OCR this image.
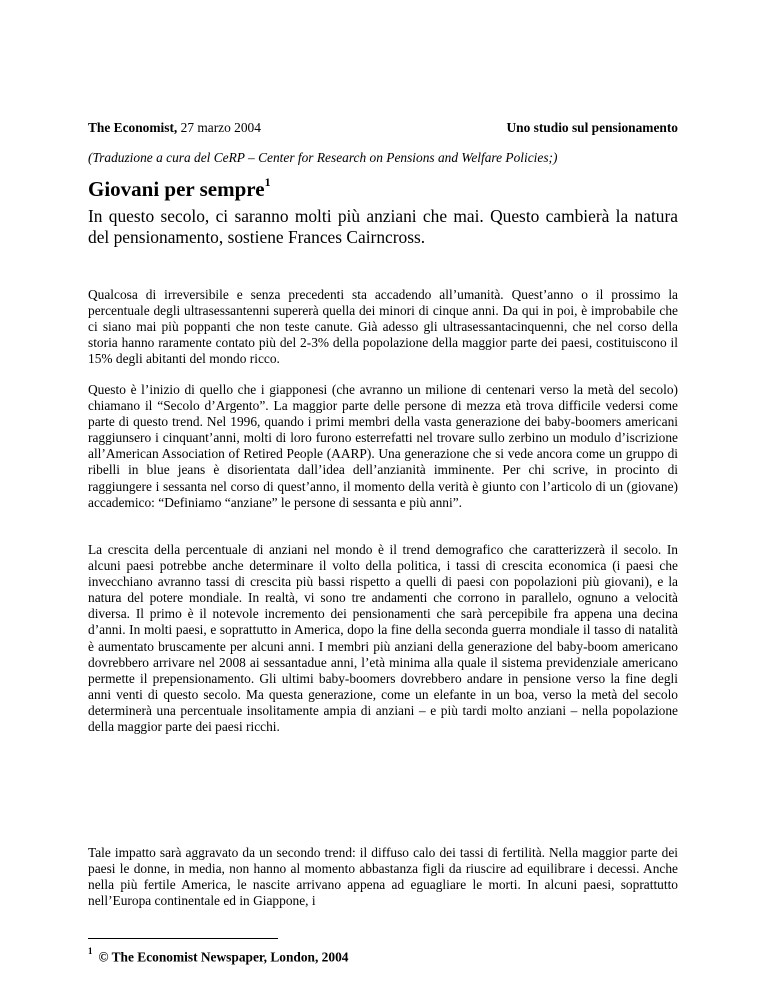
The Economist, 27 marzo 2004	Uno studio sul pensionamento
(Traduzione a cura del CeRP – Center for Research on Pensions and Welfare Policies;)
Giovani per sempre$^1$

In questo secolo, ci saranno molti più anziani che mai. Questo cambierà la natura del pensionamento, sostiene Frances Cairncross.

Qualcosa di irreversibile e senza precedenti sta accadendo all’umanità. Quest’anno o il prossimo la percentuale degli ultrasessantenni supererà quella dei minori di cinque anni. Da qui in poi, è improbabile che ci siano mai più poppanti che non teste canute. Già adesso gli ultrasessantacinquenni, che nel corso della storia hanno raramente contato più del 2-3% della popolazione della maggior parte dei paesi, costituiscono il 15% degli abitanti del mondo ricco.

Questo è l’inizio di quello che i giapponesi (che avranno un milione di centenari verso la metà del secolo) chiamano il “Secolo d’Argento”. La maggior parte delle persone di mezza età trova difficile vedersi come parte di questo trend. Nel 1996, quando i primi membri della vasta generazione dei baby-boomers americani raggiunsero i cinquant’anni, molti di loro furono esterrefatti nel trovare sullo zerbino un modulo d’iscrizione all’American Association of Retired People (AARP). Una generazione che si vede ancora come un gruppo di ribelli in blue jeans è disorientata dall’idea dell’anzianità imminente. Per chi scrive, in procinto di raggiungere i sessanta nel corso di quest’anno, il momento della verità è giunto con l’articolo di un (giovane) accademico: “Definiamo “anziane” le persone di sessanta e più anni”.

La crescita della percentuale di anziani nel mondo è il trend demografico che caratterizzerà il secolo. In alcuni paesi potrebbe anche determinare il volto della politica, i tassi di crescita economica (i paesi che invecchiano avranno tassi di crescita più bassi rispetto a quelli di paesi con popolazioni più giovani), e la natura del potere mondiale. In realtà, vi sono tre andamenti che corrono in parallelo, ognuno a velocità diversa. Il primo è il notevole incremento dei pensionamenti che sarà percepibile fra appena una decina d’anni. In molti paesi, e soprattutto in America, dopo la fine della seconda guerra mondiale il tasso di natalità è aumentato bruscamente per alcuni anni. I membri più anziani della generazione del baby-boom americano dovrebbero arrivare nel 2008 ai sessantadue anni, l’età minima alla quale il sistema previdenziale americano permette il prepensionamento. Gli ultimi baby-boomers dovrebbero andare in pensione verso la fine degli anni venti di questo secolo. Ma questa generazione, come un elefante in un boa, verso la metà del secolo determinerà una percentuale insolitamente ampia di anziani – e più tardi molto anziani – nella popolazione della maggior parte dei paesi ricchi.

Tale impatto sarà aggravato da un secondo trend: il diffuso calo dei tassi di fertilità. Nella maggior parte dei paesi le donne, in media, non hanno al momento abbastanza figli da riuscire ad equilibrare i decessi. Anche nella più fertile America, le nascite arrivano appena ad eguagliare le morti. In alcuni paesi, soprattutto nell’Europa continentale ed in Giappone, i

$^1$ © The Economist Newspaper, London, 2004
